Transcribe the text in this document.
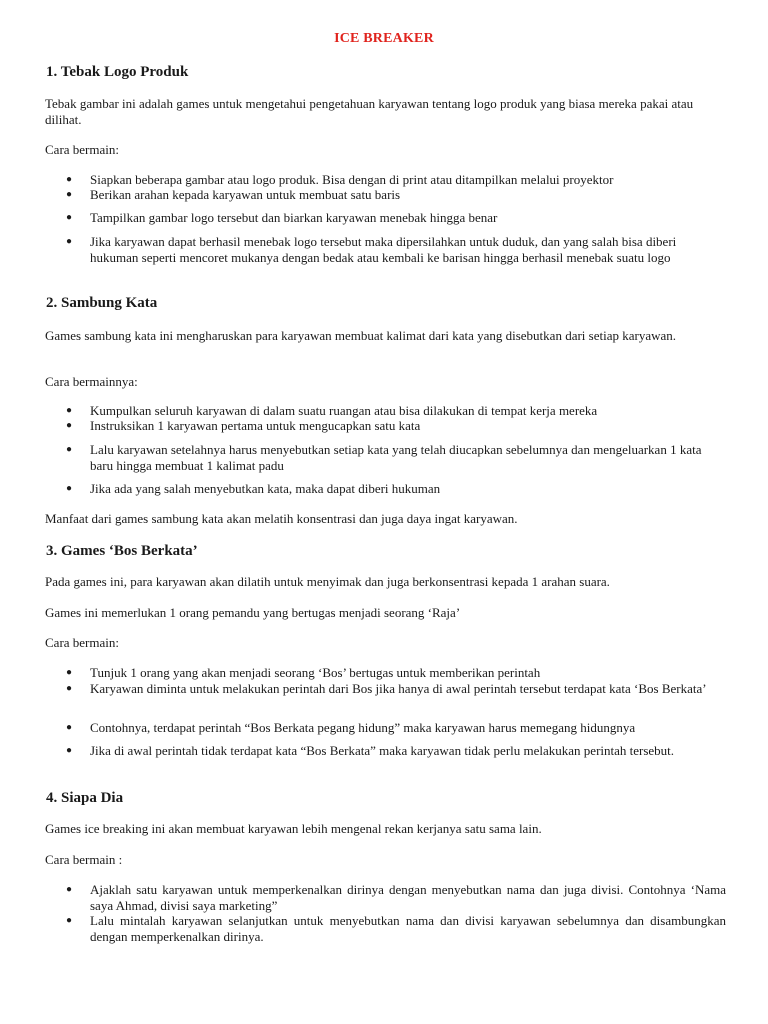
ICE BREAKER
1. Tebak Logo Produk
Tebak gambar ini adalah games untuk mengetahui pengetahuan karyawan tentang logo produk yang biasa mereka pakai atau dilihat.
Cara bermain:
●	Siapkan beberapa gambar atau logo produk. Bisa dengan di print atau ditampilkan melalui proyektor
●	Berikan arahan kepada karyawan untuk membuat satu baris
●	Tampilkan gambar logo tersebut dan biarkan karyawan menebak hingga benar
●	Jika karyawan dapat berhasil menebak logo tersebut maka dipersilahkan untuk duduk, dan yang salah bisa diberi hukuman seperti mencoret mukanya dengan bedak atau kembali ke barisan hingga berhasil menebak suatu logo
2. Sambung Kata
Games sambung kata ini mengharuskan para karyawan membuat kalimat dari kata yang disebutkan dari setiap karyawan.
Cara bermainnya:
●	Kumpulkan seluruh karyawan di dalam suatu ruangan atau bisa dilakukan di tempat kerja mereka
●	Instruksikan 1 karyawan pertama untuk mengucapkan satu kata
●	Lalu karyawan setelahnya harus menyebutkan setiap kata yang telah diucapkan sebelumnya dan mengeluarkan 1 kata baru hingga membuat 1 kalimat padu
●	Jika ada yang salah menyebutkan kata, maka dapat diberi hukuman
Manfaat dari games sambung kata akan melatih konsentrasi dan juga daya ingat karyawan.
3. Games ‘Bos Berkata’
Pada games ini, para karyawan akan dilatih untuk menyimak dan juga berkonsentrasi kepada 1 arahan suara.
Games ini memerlukan 1 orang pemandu yang bertugas menjadi seorang ‘Raja’
Cara bermain:
●	Tunjuk 1 orang yang akan menjadi seorang ‘Bos’ bertugas untuk memberikan perintah
●	Karyawan diminta untuk melakukan perintah dari Bos jika hanya di awal perintah tersebut terdapat kata ‘Bos Berkata’
●	Contohnya, terdapat perintah “Bos Berkata pegang hidung” maka karyawan harus memegang hidungnya
●	Jika di awal perintah tidak terdapat kata “Bos Berkata” maka karyawan tidak perlu melakukan perintah tersebut.
4. Siapa Dia
Games ice breaking ini akan membuat karyawan lebih mengenal rekan kerjanya satu sama lain.
Cara bermain :
●	Ajaklah satu karyawan untuk memperkenalkan dirinya dengan menyebutkan nama dan juga divisi. Contohnya ‘Nama saya Ahmad, divisi saya marketing”
●	Lalu mintalah karyawan selanjutkan untuk menyebutkan nama dan divisi karyawan sebelumnya dan disambungkan dengan memperkenalkan dirinya.
